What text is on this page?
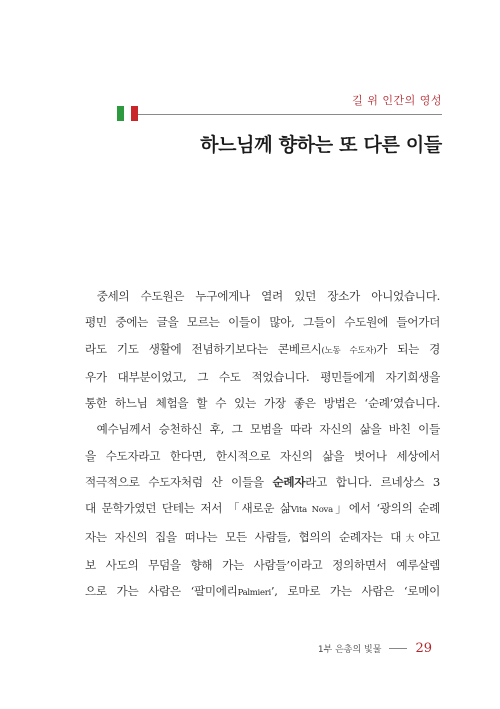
길 위 인간의 영성
하느님께 향하는 또 다른 이들

중세의 수도원은 누구에게나 열려 있던 장소가 아니었습니다.

평민 중에는 글을 모르는 이들이 많아, 그들이 수도원에 들어가더

라도 기도 생활에 전념하기보다는 콘베르시(노동 수도자)가 되는 경

우가 대부분이었고, 그 수도 적었습니다. 평민들에게 자기희생을

통한 하느님 체험을 할 수 있는 가장 좋은 방법은 ‘순례’였습니다.

예수님께서 승천하신 후, 그 모범을 따라 자신의 삶을 바친 이들

을 수도자라고 한다면, 한시적으로 자신의 삶을 벗어나 세상에서

적극적으로 수도자처럼 산 이들을 순례자라고 합니다. 르네상스 3

대 문학가였던 단테는 저서 「새로운 삶Vita Nova」에서 ‘광의의 순례

자는 자신의 집을 떠나는 모든 사람들, 협의의 순례자는 대大야고

보 사도의 무덤을 향해 가는 사람들’이라고 정의하면서 예루살렘

으로 가는 사람은 ‘팔미에리Palmieri’, 로마로 가는 사람은 ‘로메이

1부 은총의 빛물	29
